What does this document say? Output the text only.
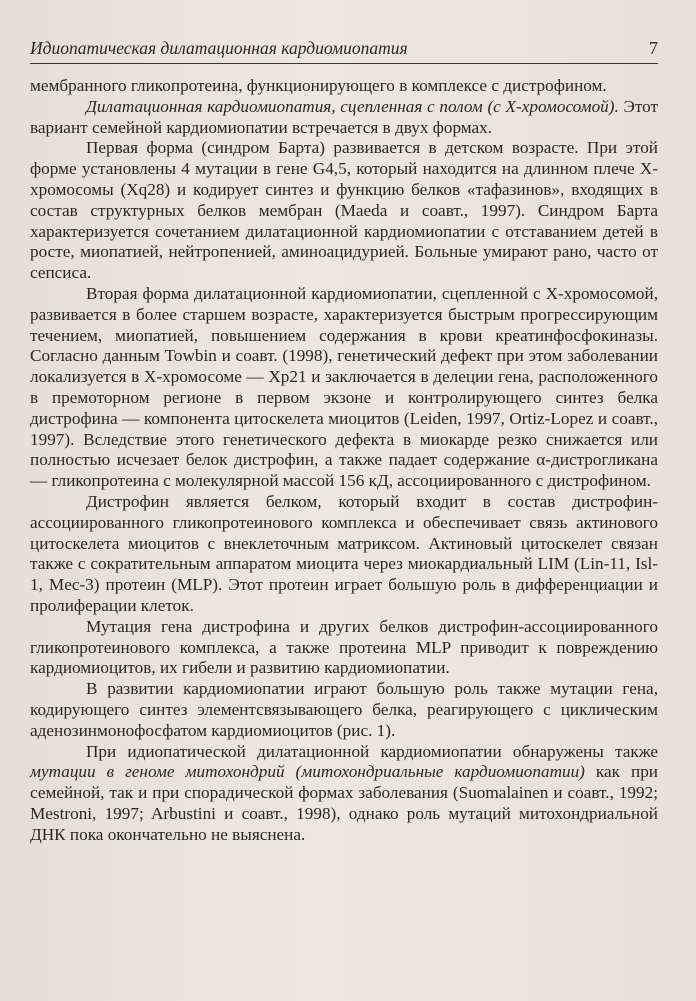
Идиопатическая дилатационная кардиомиопатия	7

мембранного гликопротеина, функционирующего в комплексе с дистрофином.

Дилатационная кардиомиопатия, сцепленная с полом (с Х-хромосомой). Этот вариант семейной кардиомиопатии встречается в двух формах.

Первая форма (синдром Барта) развивается в детском возрасте. При этой форме установлены 4 мутации в гене G4,5, который находится на длинном плече Х-хромосомы (Xq28) и кодирует синтез и функцию белков «тафазинов», входящих в состав структурных белков мембран (Maeda и соавт., 1997). Синдром Барта характеризуется сочетанием дилатационной кардиомиопатии с отставанием детей в росте, миопатией, нейтропенией, аминоацидурией. Больные умирают рано, часто от сепсиса.

Вторая форма дилатационной кардиомиопатии, сцепленной с Х-хромосомой, развивается в более старшем возрасте, характеризуется быстрым прогрессирующим течением, миопатией, повышением содержания в крови креатинфосфокиназы. Согласно данным Towbin и соавт. (1998), генетический дефект при этом заболевании локализуется в Х-хромосоме — Xp21 и заключается в делеции гена, расположенного в премоторном регионе в первом экзоне и контролирующего синтез белка дистрофина — компонента цитоскелета миоцитов (Leiden, 1997, Ortiz-Lopez и соавт., 1997). Вследствие этого генетического дефекта в миокарде резко снижается или полностью исчезает белок дистрофин, а также падает содержание α-дистрогликана — гликопротеина с молекулярной массой 156 кД, ассоциированного с дистрофином.

Дистрофин является белком, который входит в состав дистрофин-ассоциированного гликопротеинового комплекса и обеспечивает связь актинового цитоскелета миоцитов с внеклеточным матриксом. Актиновый цитоскелет связан также с сократительным аппаратом миоцита через миокардиальный LIM (Lin-11, Isl-1, Mec-3) протеин (MLP). Этот протеин играет большую роль в дифференциации и пролиферации клеток.

Мутация гена дистрофина и других белков дистрофин-ассоциированного гликопротеинового комплекса, а также протеина MLP приводит к повреждению кардиомиоцитов, их гибели и развитию кардиомиопатии.

В развитии кардиомиопатии играют большую роль также мутации гена, кодирующего синтез элементсвязывающего белка, реагирующего с циклическим аденозинмонофосфатом кардиомиоцитов (рис. 1).

При идиопатической дилатационной кардиомиопатии обнаружены также мутации в геноме митохондрий (митохондриальные кардиомиопатии) как при семейной, так и при спорадической формах заболевания (Suomalainen и соавт., 1992; Mestroni, 1997; Arbustini и соавт., 1998), однако роль мутаций митохондриальной ДНК пока окончательно не выяснена.
